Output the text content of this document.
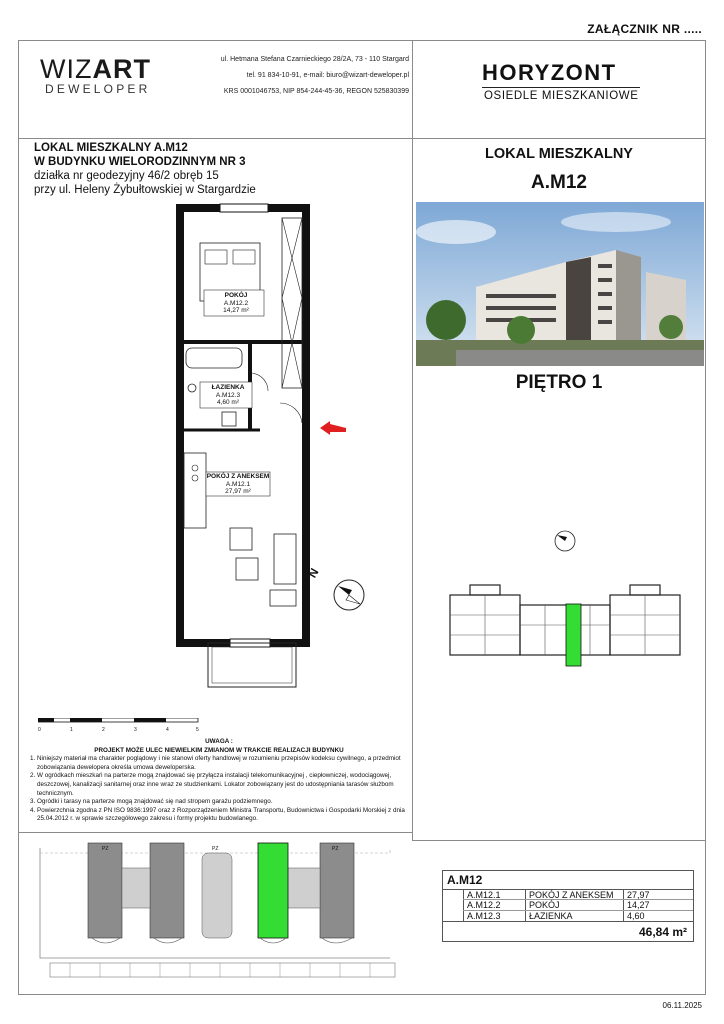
ZAŁĄCZNIK NR .....
WIZART
DEWELOPER
ul. Hetmana Stefana Czarnieckiego 28/2A, 73 - 110 Stargard
tel. 91 834-10-91, e-mail: biuro@wizart-deweloper.pl
KRS 0001046753, NIP 854-244-45-36, REGON 525830399
HORYZONT
OSIEDLE MIESZKANIOWE
LOKAL MIESZKALNY A.M12
W BUDYNKU WIELORODZINNYM NR 3
działka nr geodezyjny 46/2 obręb 15
przy ul. Heleny Żybułtowskiej w Stargardzie
LOKAL MIESZKALNY
A.M12
PIĘTRO 1
POKÓJ
A.M12.2
14,27 m²
ŁAZIENKA
A.M12.3
4,60 m²
POKÓJ Z ANEKSEM
A.M12.1
27,97 m²
N
0	1	2	3	4	5
UWAGA :
PROJEKT MOŻE ULEC NIEWIELKIM ZMIANOM W TRAKCIE REALIZACJI BUDYNKU
1. Niniejszy materiał ma charakter poglądowy i nie stanowi oferty handlowej w rozumieniu przepisów kodeksu cywilnego, a przedmiot
zobowiązania dewelopera określa umowa deweloperska.
2. W ogródkach mieszkań na parterze mogą znajdować się przyłącza instalacji telekomunikacyjnej , ciepłowniczej, wodociągowej,
deszczowej, kanalizacji sanitarnej oraz inne wraz ze studzienkami. Lokator zobowiązany jest do udostępniania tarasów służbom
technicznym.
3. Ogródki i tarasy na parterze mogą znajdować się nad stropem garażu podziemnego.
4. Powierzchnia zgodna z PN ISO 9836:1997 oraz z Rozporządzeniem Ministra Transportu, Budownictwa i Gospodarki Morskiej z dnia
25.04.2012 r. w sprawie szczegółowego zakresu i formy projektu budowlanego.
PZ	PZ	PZ
A.M12
A.M12.1	POKÓJ Z ANEKSEM 27,97
A.M12.2	POKÓJ	14,27
A.M12.3	ŁAZIENKA	4,60
46,84 m²
06.11.2025
